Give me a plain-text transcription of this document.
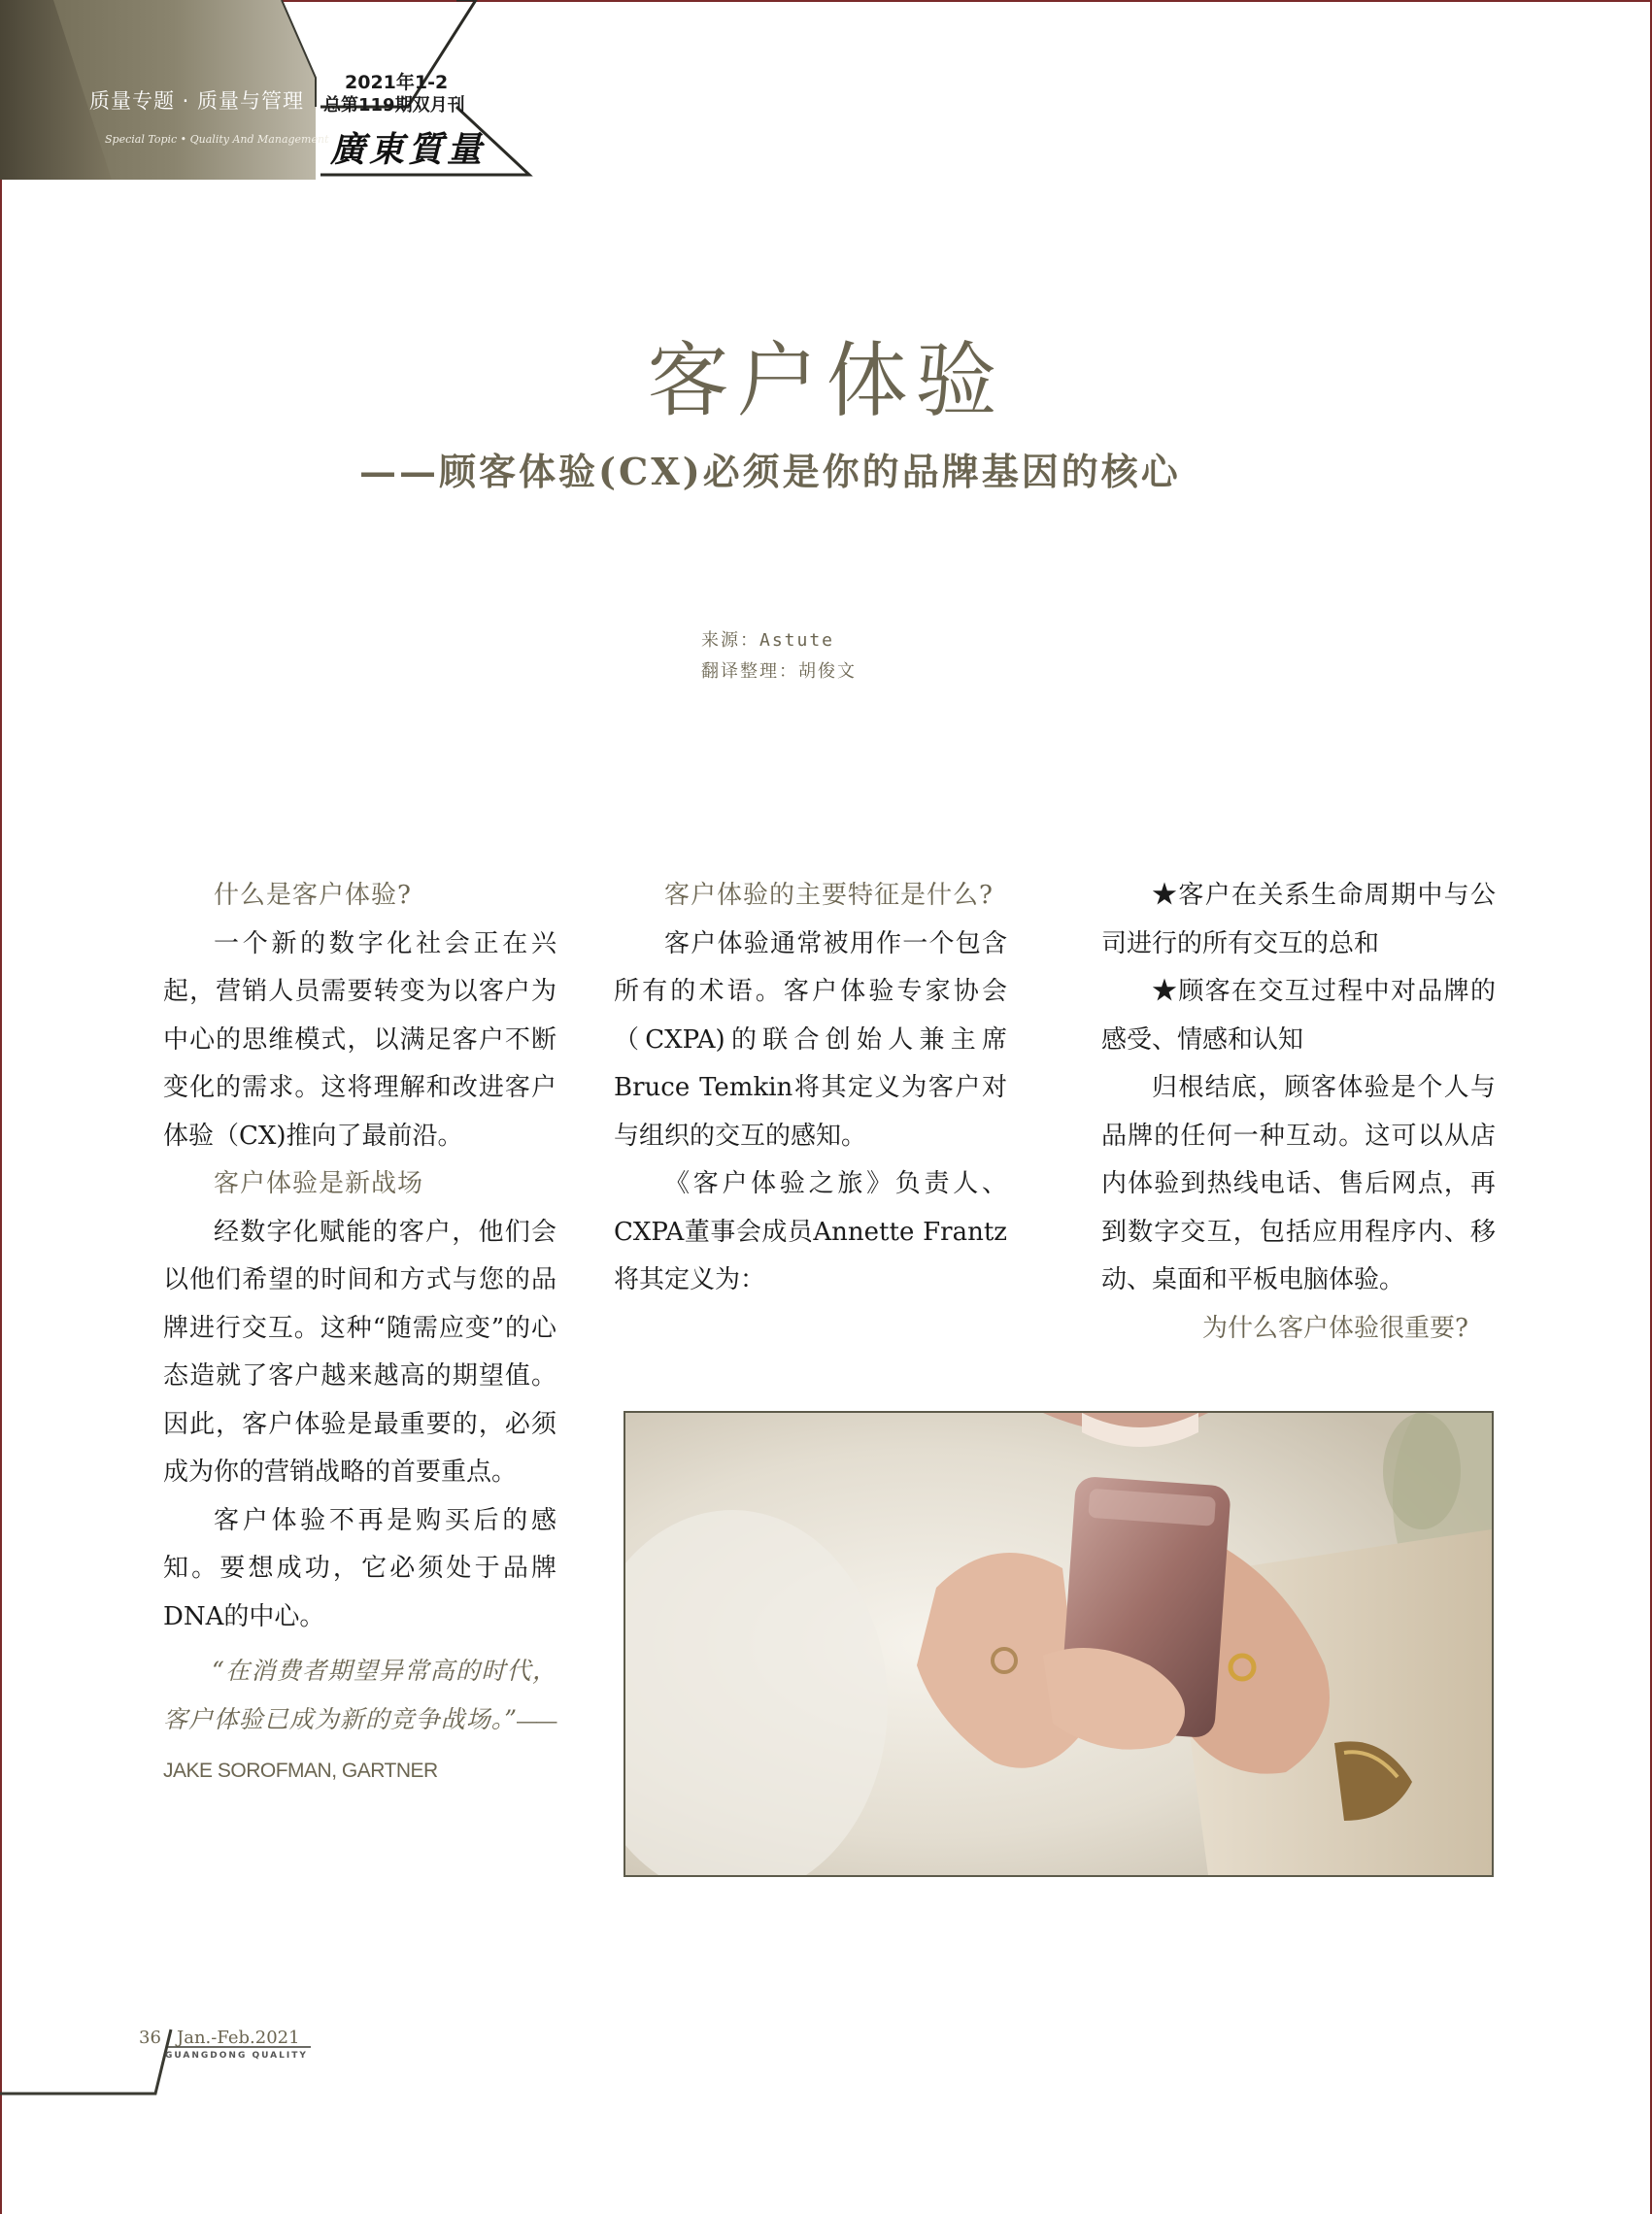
质量专题 · 质量与管理
Special Topic • Quality And Management
2021年1-2
总第119期双月刊
廣東質量
客户体验
——顾客体验(CX)必须是你的品牌基因的核心
来源：Astute
翻译整理：胡俊文
什么是客户体验?

一个新的数字化社会正在兴起，营销人员需要转变为以客户为中心的思维模式，以满足客户不断变化的需求。这将理解和改进客户体验（CX)推向了最前沿。

客户体验是新战场

经数字化赋能的客户，他们会以他们希望的时间和方式与您的品牌进行交互。这种“随需应变”的心态造就了客户越来越高的期望值。因此，客户体验是最重要的，必须成为你的营销战略的首要重点。

客户体验不再是购买后的感知。要想成功，它必须处于品牌DNA的中心。

“在消费者期望异常高的时代，客户体验已成为新的竞争战场。”——JAKE SOROFMAN, GARTNER

客户体验的主要特征是什么?

客户体验通常被用作一个包含所有的术语。客户体验专家协会（CXPA)的联合创始人兼主席Bruce Temkin将其定义为客户对与组织的交互的感知。

《客户体验之旅》负责人、CXPA董事会成员Annette Frantz将其定义为：

★客户在关系生命周期中与公司进行的所有交互的总和

★顾客在交互过程中对品牌的感受、情感和认知

归根结底，顾客体验是个人与品牌的任何一种互动。这可以从店内体验到热线电话、售后网点，再到数字交互，包括应用程序内、移动、桌面和平板电脑体验。

为什么客户体验很重要?
36 Jan.-Feb.2021
GUANGDONG QUALITY
